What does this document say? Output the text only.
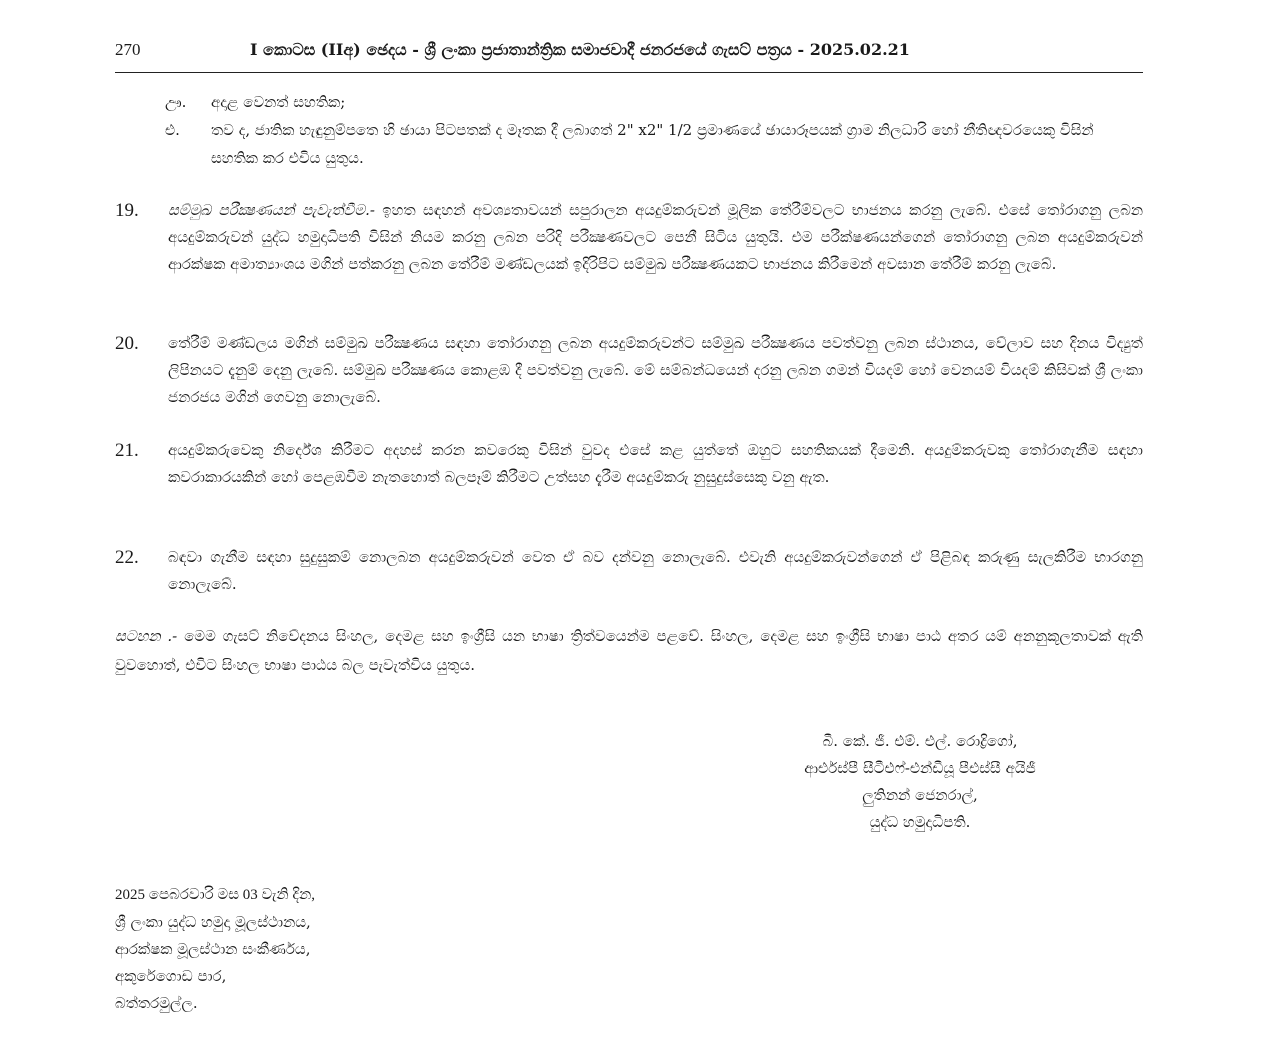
270	I කොටස (IIඅ) ඡෙදය - ශ්‍රී ලංකා ප්‍රජාතාන්ත්‍රික සමාජවාදී ජනරජයේ ගැසට් පත්‍රය - 2025.02.21
ඌ.	අදාළ වෙනත් සහතික;
එ.	තව ද, ජාතික හැඳුනුම්පතෙ හි ඡායා පිටපතක් ද මෑතක දී ලබාගත් 2" x2" 1/2 ප්‍රමාණයේ ඡායාරූපයක් ග්‍රාම නිලධාරි හෝ නීතිඥවරයෙකු විසින් සහතික කර එවිය යුතුය.
19. සම්මුඛ පරීක්‍ෂණයන් පැවැත්වීම.- ඉහත සඳහන් අවශ්‍යතාවයන් සපුරාලන අයදුම්කරුවන් මූලික තේරීම්වලට භාජනය කරනු ලැබේ. එසේ තෝරාගනු ලබන අයදුම්කරුවන් යුද්ධ හමුදාධිපති විසින් නියම කරනු ලබන පරිදි පරීක්‍ෂණවලට පෙනී සිටිය යුතුයි. එම පරීක්ෂණයන්ගෙන් තෝරාගනු ලබන අයදුම්කරුවන් ආරක්ෂක අමාත්‍යාංශය මගින් පත්කරනු ලබන තේරීම් මණ්ඩලයක් ඉදිරිපිට සම්මුඛ පරීක්‍ෂණයකට භාජනය කිරීමෙන් අවසාන තේරීම් කරනු ලැබේ.
20. තේරීම් මණ්ඩලය මගින් සම්මුඛ පරීක්‍ෂණය සඳහා තෝරාගනු ලබන අයදුම්කරුවන්ට සම්මුඛ පරීක්‍ෂණය පවත්වනු ලබන ස්ථානය, වේලාව සහ දිනය විද්‍යුත් ලිපිනයට දැනුම් දෙනු ලැබේ. සම්මුඛ පරීක්‍ෂණය කොළඹ දී පවත්වනු ලැබේ. මේ සම්බන්ධයෙන් දරනු ලබන ගමන් වියදම් හෝ වෙනයම් වියදම් කිසිවක් ශ්‍රී ලංකා ජනරජය මගින් ගෙවනු නොලැබේ.
21. අයදුම්කරුවෙකු නිර්දේශ කිරීමට අදහස් කරන කවරෙකු විසින් වුවද එසේ කළ යුත්තේ ඔහුට සහතිකයක් දීමෙනි. අයදුම්කරුවකු තෝරාගැනීම සඳහා කවරාකාරයකින් හෝ පෙළඹවීම නැතහොත් බලපෑම් කිරීමට උත්සහ දැරීම අයදුම්කරු නුසුදුස්සෙකු වනු ඇත.
22. බඳවා ගැනීම සඳහා සුදුසුකම් නොලබන අයදුම්කරුවන් වෙත ඒ බව දන්වනු නොලැබේ. එවැනි අයදුම්කරුවන්ගෙන් ඒ පිළිබඳ කරුණු සැලකිරීම භාරගනු නොලැබේ.
සටහන .- මෙම ගැසට් නිවේදනය සිංහල, දෙමළ සහ ඉංග්‍රීසි යන භාෂා ත්‍රිත්වයෙන්ම පළවේ. සිංහල, දෙමළ සහ ඉංග්‍රීසි භාෂා පාඨ අතර යම් අනනුකූලතාවක් ඇති වුවහොත්, එවිට සිංහල භාෂා පාඨය බල පැවැත්විය යුතුය.
බී. කේ. ජී. එම්. එල්. රොද්‍රිගෝ,
ආර්එස්පී සීටීඑෆ්-එන්ඩීයූ පීඑස්සී අයිජී
ලුතිනන් ජෙනරාල්,
යුද්ධ හමුදාධිපති.
2025 පෙබරවාරි මස 03 වැනි දින,
ශ්‍රී ලංකා යුද්ධ හමුදා මූලස්ථානය,
ආරක්ෂක මූලස්ථාන සංකීර්ණය,
අකුරේගොඩ පාර,
බත්තරමුල්ල.
